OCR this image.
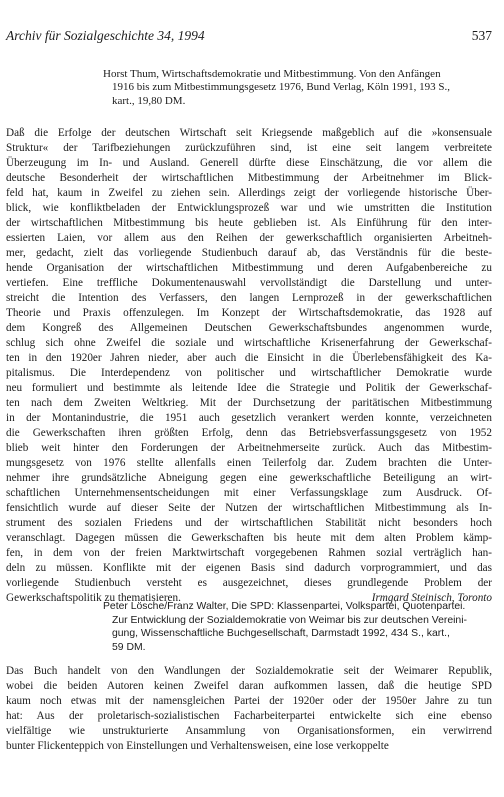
Archiv für Sozialgeschichte 34, 1994	537
Horst Thum, Wirtschaftsdemokratie und Mitbestimmung. Von den Anfängen
1916 bis zum Mitbestimmungsgesetz 1976, Bund Verlag, Köln 1991, 193 S.,
kart., 19,80 DM.
Daß die Erfolge der deutschen Wirtschaft seit Kriegsende maßgeblich auf die »konsensuale
Struktur« der Tarifbeziehungen zurückzuführen sind, ist eine seit langem verbreitete
Überzeugung im In- und Ausland. Generell dürfte diese Einschätzung, die vor allem die
deutsche Besonderheit der wirtschaftlichen Mitbestimmung der Arbeitnehmer im Blick-
feld hat, kaum in Zweifel zu ziehen sein. Allerdings zeigt der vorliegende historische Über-
blick, wie konfliktbeladen der Entwicklungsprozeß war und wie umstritten die Institution
der wirtschaftlichen Mitbestimmung bis heute geblieben ist. Als Einführung für den inter-
essierten Laien, vor allem aus den Reihen der gewerkschaftlich organisierten Arbeitneh-
mer, gedacht, zielt das vorliegende Studienbuch darauf ab, das Verständnis für die beste-
hende Organisation der wirtschaftlichen Mitbestimmung und deren Aufgabenbereiche zu
vertiefen. Eine treffliche Dokumentenauswahl vervollständigt die Darstellung und unter-
streicht die Intention des Verfassers, den langen Lernprozeß in der gewerkschaftlichen
Theorie und Praxis offenzulegen. Im Konzept der Wirtschaftsdemokratie, das 1928 auf
dem Kongreß des Allgemeinen Deutschen Gewerkschaftsbundes angenommen wurde,
schlug sich ohne Zweifel die soziale und wirtschaftliche Krisenerfahrung der Gewerkschaf-
ten in den 1920er Jahren nieder, aber auch die Einsicht in die Überlebensfähigkeit des Ka-
pitalismus. Die Interdependenz von politischer und wirtschaftlicher Demokratie wurde
neu formuliert und bestimmte als leitende Idee die Strategie und Politik der Gewerkschaf-
ten nach dem Zweiten Weltkrieg. Mit der Durchsetzung der paritätischen Mitbestimmung
in der Montanindustrie, die 1951 auch gesetzlich verankert werden konnte, verzeichneten
die Gewerkschaften ihren größten Erfolg, denn das Betriebsverfassungsgesetz von 1952
blieb weit hinter den Forderungen der Arbeitnehmerseite zurück. Auch das Mitbestim-
mungsgesetz von 1976 stellte allenfalls einen Teilerfolg dar. Zudem brachten die Unter-
nehmer ihre grundsätzliche Abneigung gegen eine gewerkschaftliche Beteiligung an wirt-
schaftlichen Unternehmensentscheidungen mit einer Verfassungsklage zum Ausdruck. Of-
fensichtlich wurde auf dieser Seite der Nutzen der wirtschaftlichen Mitbestimmung als In-
strument des sozialen Friedens und der wirtschaftlichen Stabilität nicht besonders hoch
veranschlagt. Dagegen müssen die Gewerkschaften bis heute mit dem alten Problem kämp-
fen, in dem von der freien Marktwirtschaft vorgegebenen Rahmen sozial verträglich han-
deln zu müssen. Konflikte mit der eigenen Basis sind dadurch vorprogrammiert, und das
vorliegende Studienbuch versteht es ausgezeichnet, dieses grundlegende Problem der
Gewerkschaftspolitik zu thematisieren.	Irmgard Steinisch, Toronto
Peter Lösche/Franz Walter, Die SPD: Klassenpartei, Volkspartei, Quotenpartei.
Zur Entwicklung der Sozialdemokratie von Weimar bis zur deutschen Vereini-
gung, Wissenschaftliche Buchgesellschaft, Darmstadt 1992, 434 S., kart.,
59 DM.
Das Buch handelt von den Wandlungen der Sozialdemokratie seit der Weimarer Republik,
wobei die beiden Autoren keinen Zweifel daran aufkommen lassen, daß die heutige SPD
kaum noch etwas mit der namensgleichen Partei der 1920er oder der 1950er Jahre zu tun
hat: Aus der proletarisch-sozialistischen Facharbeiterpartei entwickelte sich eine ebenso
vielfältige wie unstrukturierte Ansammlung von Organisationsformen, ein verwirrend
bunter Flickenteppich von Einstellungen und Verhaltensweisen, eine lose verkoppelte
